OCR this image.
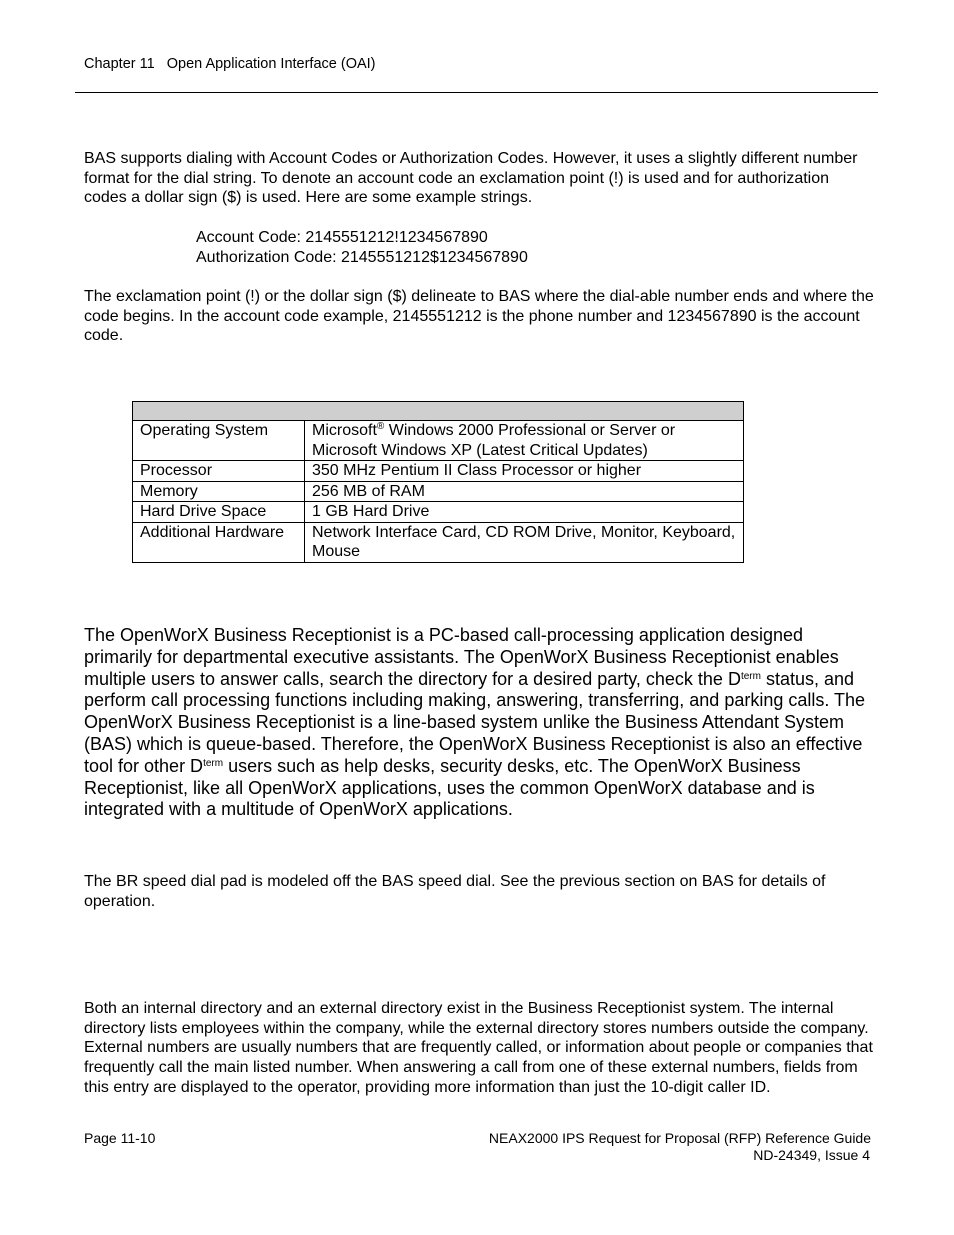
Chapter 11   Open Application Interface (OAI)
BAS supports dialing with Account Codes or Authorization Codes. However, it uses a slightly different number format for the dial string. To denote an account code an exclamation point (!) is used and for authorization codes a dollar sign ($) is used. Here are some example strings.
Account Code: 2145551212!1234567890
Authorization Code: 2145551212$1234567890
The exclamation point (!) or the dollar sign ($) delineate to BAS where the dial-able number ends and where the code begins. In the account code example, 2145551212 is the phone number and 1234567890 is the account code.

Operating System	Microsoft® Windows 2000 Professional or Server or Microsoft Windows XP (Latest Critical Updates)
Processor	350 MHz Pentium II Class Processor or higher
Memory	256 MB of RAM
Hard Drive Space	1 GB Hard Drive
Additional Hardware	Network Interface Card, CD ROM Drive, Monitor, Keyboard, Mouse
The OpenWorX Business Receptionist is a PC-based call-processing application designed primarily for departmental executive assistants. The OpenWorX Business Receptionist enables multiple users to answer calls, search the directory for a desired party, check the $D^{term}$ status, and perform call processing functions including making, answering, transferring, and parking calls. The OpenWorX Business Receptionist is a line-based system unlike the Business Attendant System (BAS) which is queue-based. Therefore, the OpenWorX Business Receptionist is also an effective tool for other $D^{term}$ users such as help desks, security desks, etc. The OpenWorX Business Receptionist, like all OpenWorX applications, uses the common OpenWorX database and is integrated with a multitude of OpenWorX applications.
The BR speed dial pad is modeled off the BAS speed dial. See the previous section on BAS for details of operation.
Both an internal directory and an external directory exist in the Business Receptionist system. The internal directory lists employees within the company, while the external directory stores numbers outside the company. External numbers are usually numbers that are frequently called, or information about people or companies that frequently call the main listed number. When answering a call from one of these external numbers, fields from this entry are displayed to the operator, providing more information than just the 10-digit caller ID.
Page 11-10	NEAX2000 IPS Request for Proposal (RFP) Reference Guide
ND-24349, Issue 4
